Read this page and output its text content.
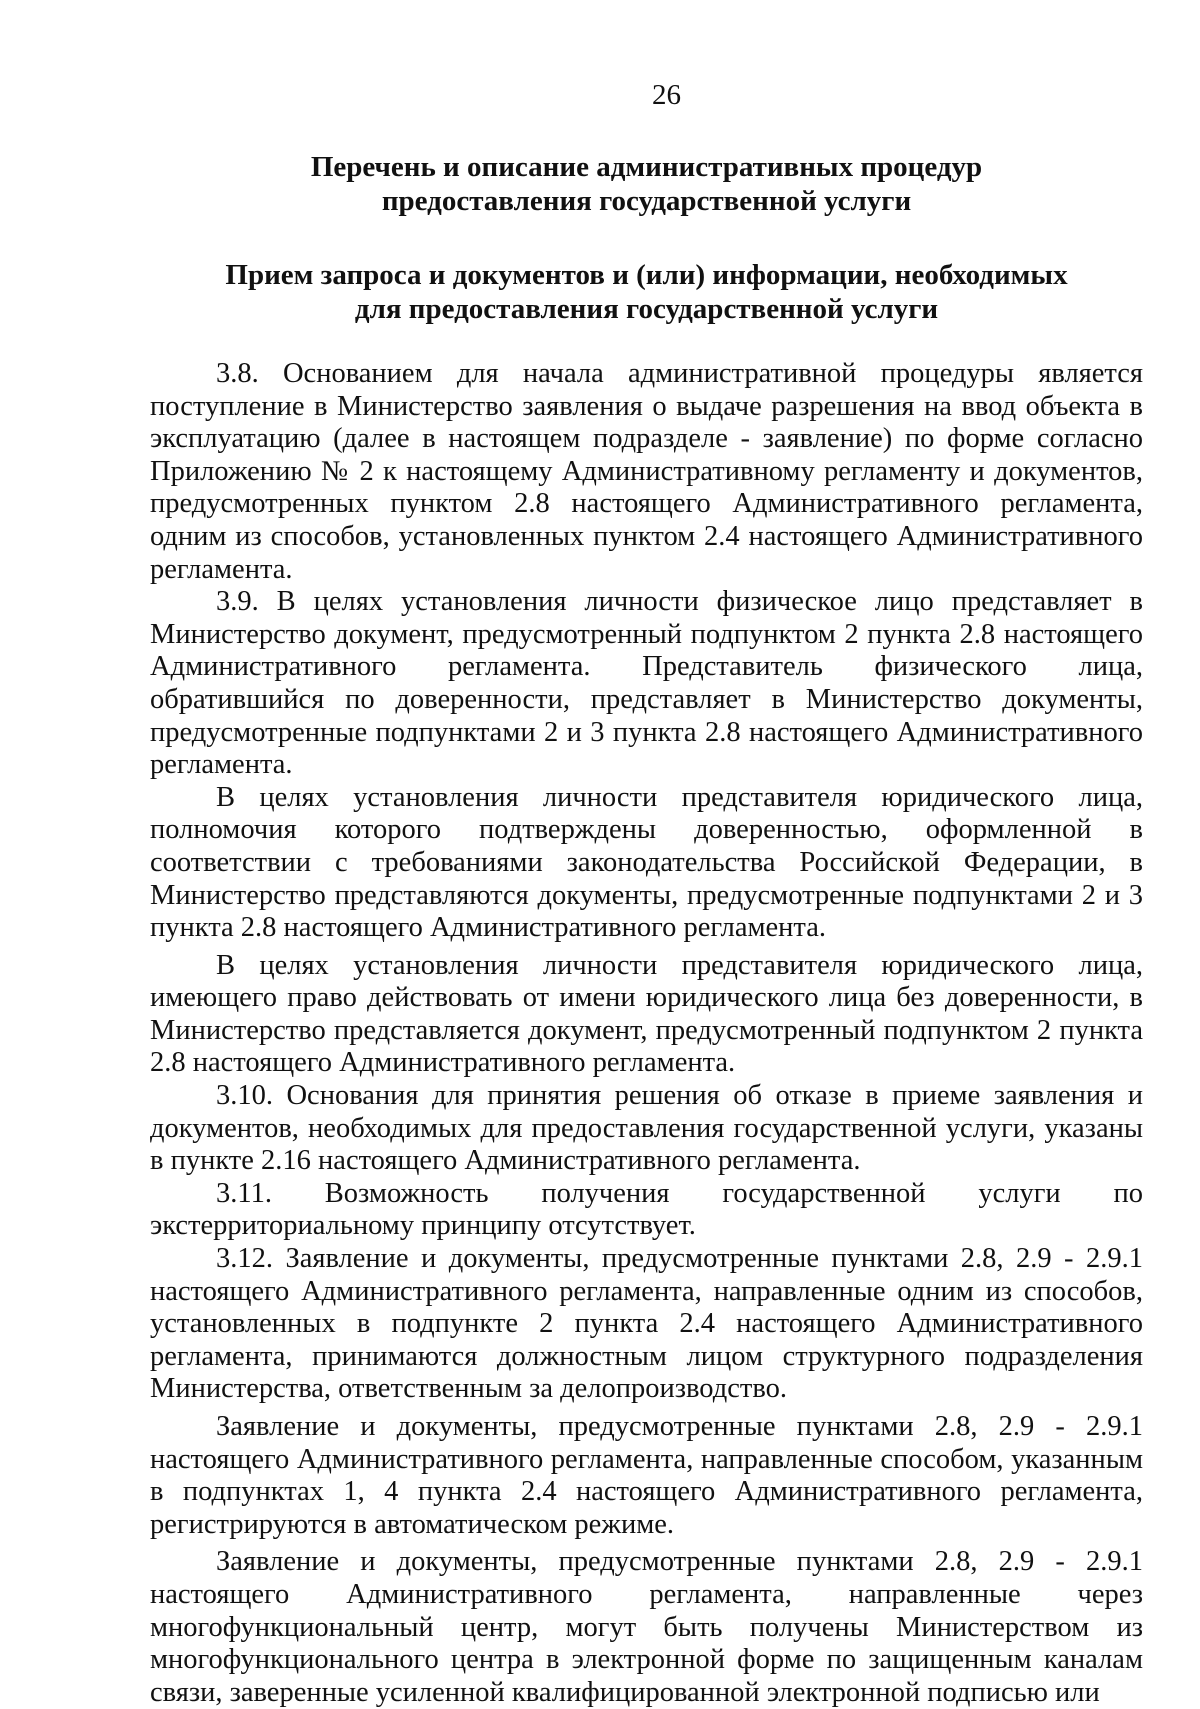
26

Перечень и описание административных процедур

предоставления государственной услуги

Прием запроса и документов и (или) информации, необходимых

для предоставления государственной услуги

3.8. Основанием для начала административной процедуры является поступление в Министерство заявления о выдаче разрешения на ввод объекта в эксплуатацию (далее в настоящем подразделе - заявление) по форме согласно Приложению № 2 к настоящему Административному регламенту и документов, предусмотренных пунктом 2.8 настоящего Административного регламента, одним из способов, установленных пунктом 2.4 настоящего Административного регламента.

3.9. В целях установления личности физическое лицо представляет в Министерство документ, предусмотренный подпунктом 2 пункта 2.8 настоящего Административного регламента. Представитель физического лица, обратившийся по доверенности, представляет в Министерство документы, предусмотренные подпунктами 2 и 3 пункта 2.8 настоящего Административного регламента.

В целях установления личности представителя юридического лица, полномочия которого подтверждены доверенностью, оформленной в соответствии с требованиями законодательства Российской Федерации, в Министерство представляются документы, предусмотренные подпунктами 2 и 3 пункта 2.8 настоящего Административного регламента.

В целях установления личности представителя юридического лица, имеющего право действовать от имени юридического лица без доверенности, в Министерство представляется документ, предусмотренный подпунктом 2 пункта 2.8 настоящего Административного регламента.

3.10. Основания для принятия решения об отказе в приеме заявления и документов, необходимых для предоставления государственной услуги, указаны в пункте 2.16 настоящего Административного регламента.

3.11. Возможность получения государственной услуги по экстерриториальному принципу отсутствует.

3.12. Заявление и документы, предусмотренные пунктами 2.8, 2.9 - 2.9.1 настоящего Административного регламента, направленные одним из способов, установленных в подпункте 2 пункта 2.4 настоящего Административного регламента, принимаются должностным лицом структурного подразделения Министерства, ответственным за делопроизводство.

Заявление и документы, предусмотренные пунктами 2.8, 2.9 - 2.9.1 настоящего Административного регламента, направленные способом, указанным в подпунктах 1, 4 пункта 2.4 настоящего Административного регламента, регистрируются в автоматическом режиме.

Заявление и документы, предусмотренные пунктами 2.8, 2.9 - 2.9.1 настоящего Административного регламента, направленные через многофункциональный центр, могут быть получены Министерством из многофункционального центра в электронной форме по защищенным каналам связи, заверенные усиленной квалифицированной электронной подписью или
